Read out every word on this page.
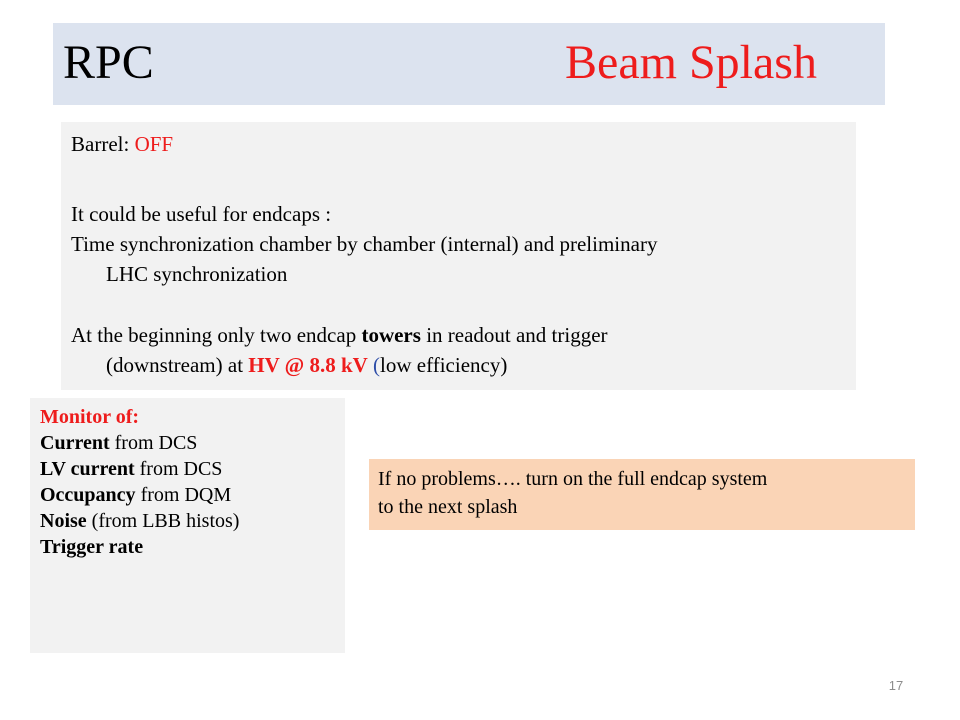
RPC	Beam Splash
Barrel: OFF
It could be useful for endcaps :
Time synchronization chamber by chamber (internal) and preliminary
LHC synchronization
At the beginning only two endcap towers in readout and trigger
(downstream) at HV @ 8.8 kV (low efficiency)
Monitor of:
Current from DCS
LV current from DCS
Occupancy from DQM
Noise (from LBB histos)
Trigger rate
If no problems…. turn on the full endcap system
to the next splash
17
